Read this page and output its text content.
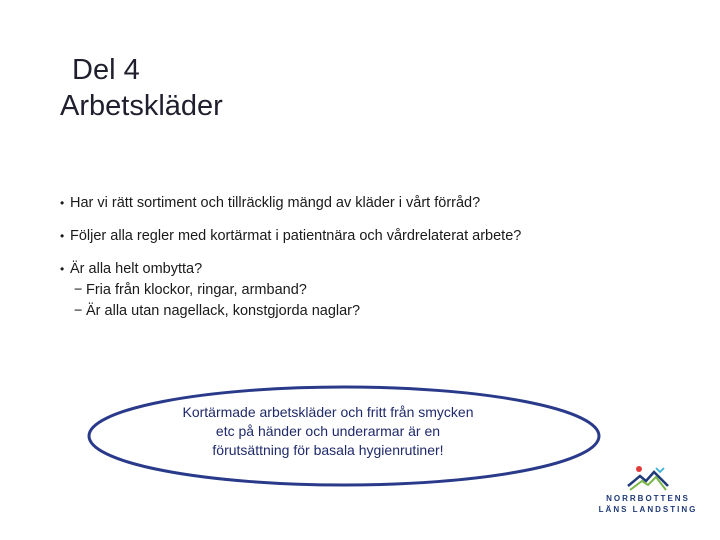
Del 4
Arbetskläder
• Har vi rätt sortiment och tillräcklig mängd av kläder i vårt förråd?
• Följer alla regler med kortärmat i patientnära och vårdrelaterat arbete?
• Är alla helt ombytta?
− Fria från klockor, ringar, armband?
− Är alla utan nagellack, konstgjorda naglar?
Kortärmade arbetskläder och fritt från smycken
etc på händer och underarmar är en
förutsättning för basala hygienrutiner!
NORRBOTTENS
LÄNS LANDSTING
